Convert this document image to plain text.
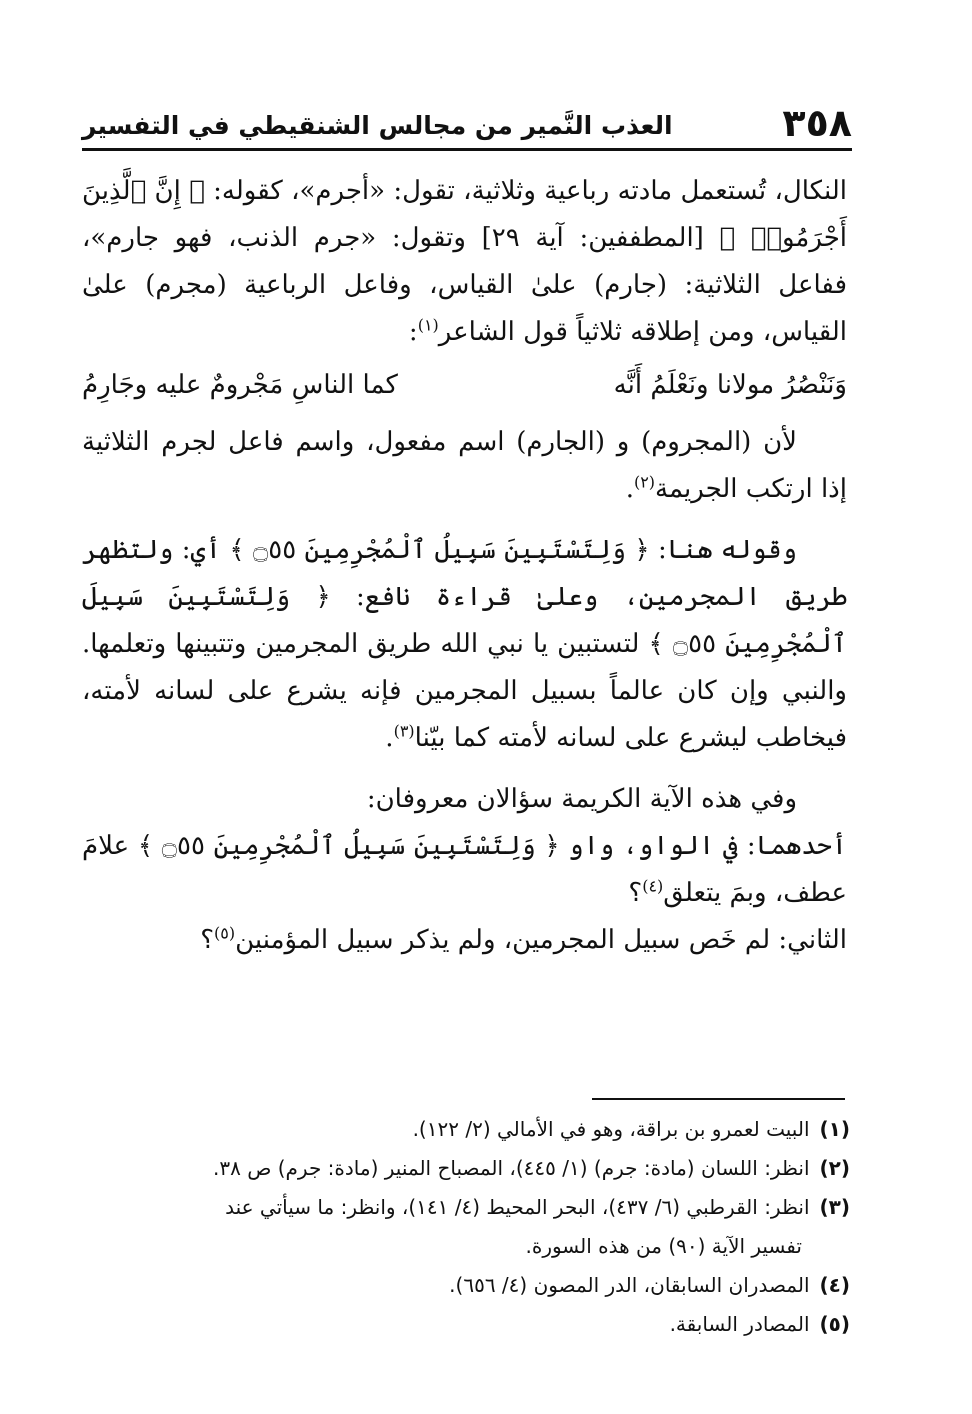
٣٥٨
العذب النَّمير من مجالس الشنقيطي في التفسير

النكال، تُستعمل مادته رباعية وثلاثية، تقول: «أجرم»، كقوله: ﴿ إِنَّ ٱلَّذِينَ أَجْرَمُوا۟ ﴾ [المطففين: آية ٢٩] وتقول: «جرم الذنب، فهو جارم»، ففاعل الثلاثية: (جارم) علىٰ القياس، وفاعل الرباعية (مجرم) علىٰ القياس، ومن إطلاقه ثلاثياً قول الشاعر$^{(١)}$:

وَنَنْصُرُ مولانا ونَعْلَمُ أَنَّه
كما الناسِ مَجْرومٌ عليه وجَارِمُ

لأن (المجروم) و (الجارم) اسم مفعول، واسم فاعل لجرم الثلاثية إذا ارتكب الجريمة$^{(٢)}$.

وقوله هنا: ﴿ وَلِتَسْتَبِينَ سَبِيلُ ٱلْمُجْرِمِينَ ۝٥٥ ﴾ أي: ولتظهر طريق المجرمين، وعلىٰ قراءة نافع: ﴿ وَلِتَسْتَبِينَ سَبِيلَ ٱلْمُجْرِمِينَ ۝٥٥ ﴾ لتستبين يا نبي الله طريق المجرمين وتتبينها وتعلمها. والنبي وإن كان عالماً بسبيل المجرمين فإنه يشرع على لسانه لأمته، فيخاطب ليشرع على لسانه لأمته كما بيّنا$^{(٣)}$.

وفي هذه الآية الكريمة سؤالان معروفان:

أحدهما: في الواو، واو ﴿ وَلِتَسْتَبِينَ سَبِيلُ ٱلْمُجْرِمِينَ ۝٥٥ ﴾ علامَ عطف، وبمَ يتعلق$^{(٤)}$؟

الثاني: لم خَص سبيل المجرمين، ولم يذكر سبيل المؤمنين$^{(٥)}$؟

(١)البيت لعمرو بن براقة، وهو في الأمالي (٢/ ١٢٢).

(٢)انظر: اللسان (مادة: جرم) (١/ ٤٤٥)، المصباح المنير (مادة: جرم) ص ٣٨.

(٣)انظر: القرطبي (٦/ ٤٣٧)، البحر المحيط (٤/ ١٤١)، وانظر: ما سيأتي عند

تفسير الآية (٩٠) من هذه السورة.

(٤)المصدران السابقان، الدر المصون (٤/ ٦٥٦).

(٥)المصادر السابقة.
